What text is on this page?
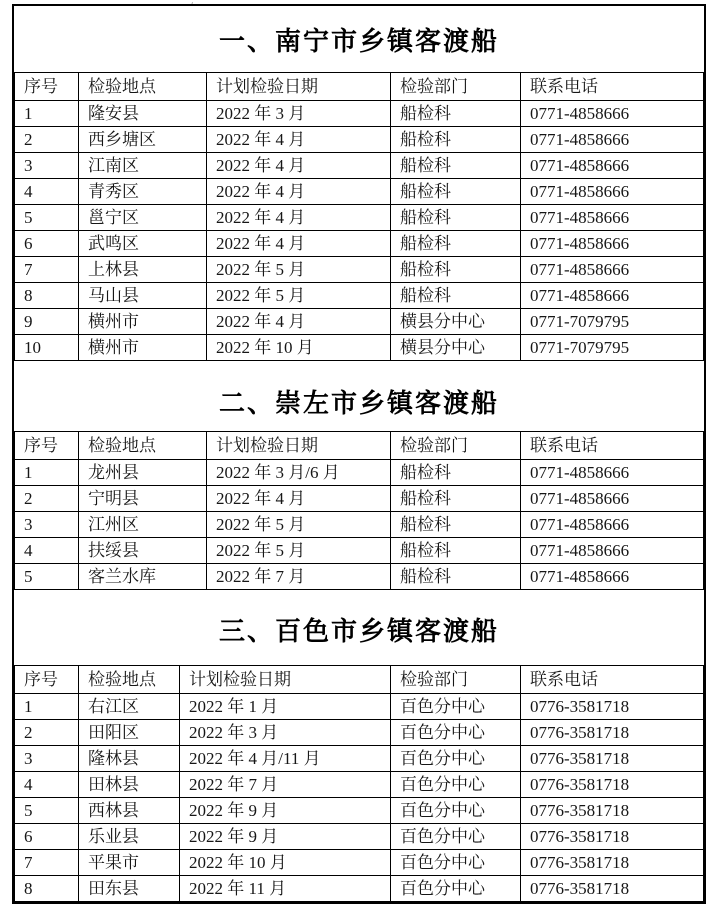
一、南宁市乡镇客渡船
序号	检验地点	计划检验日期	检验部门	联系电话
1	隆安县	2022 年 3 月	船检科	0771-4858666
2	西乡塘区	2022 年 4 月	船检科	0771-4858666
3	江南区	2022 年 4 月	船检科	0771-4858666
4	青秀区	2022 年 4 月	船检科	0771-4858666
5	邕宁区	2022 年 4 月	船检科	0771-4858666
6	武鸣区	2022 年 4 月	船检科	0771-4858666
7	上林县	2022 年 5 月	船检科	0771-4858666
8	马山县	2022 年 5 月	船检科	0771-4858666
9	横州市	2022 年 4 月	横县分中心	0771-7079795
10	横州市	2022 年 10 月	横县分中心	0771-7079795
二、崇左市乡镇客渡船
序号	检验地点	计划检验日期	检验部门	联系电话
1	龙州县	2022 年 3 月/6 月	船检科	0771-4858666
2	宁明县	2022 年 4 月	船检科	0771-4858666
3	江州区	2022 年 5 月	船检科	0771-4858666
4	扶绥县	2022 年 5 月	船检科	0771-4858666
5	客兰水库	2022 年 7 月	船检科	0771-4858666
三、百色市乡镇客渡船
序号	检验地点	计划检验日期	检验部门	联系电话
1	右江区	2022 年 1 月	百色分中心	0776-3581718
2	田阳区	2022 年 3 月	百色分中心	0776-3581718
3	隆林县	2022 年 4 月/11 月	百色分中心	0776-3581718
4	田林县	2022 年 7 月	百色分中心	0776-3581718
5	西林县	2022 年 9 月	百色分中心	0776-3581718
6	乐业县	2022 年 9 月	百色分中心	0776-3581718
7	平果市	2022 年 10 月	百色分中心	0776-3581718
8	田东县	2022 年 11 月	百色分中心	0776-3581718
